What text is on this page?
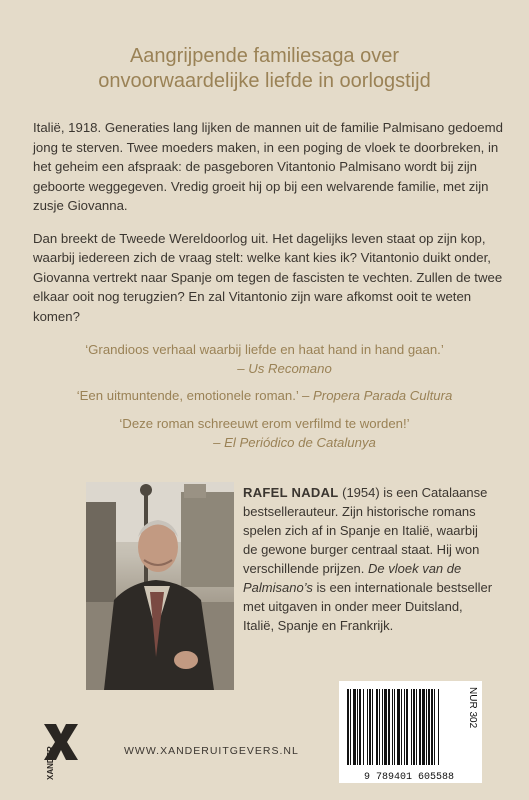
Aangrijpende familiesaga over
onvoorwaardelijke liefde in oorlogstijd

Italië, 1918. Generaties lang lijken de mannen uit de familie Palmisano gedoemd jong te sterven. Twee moeders maken, in een poging de vloek te doorbreken, in het geheim een afspraak: de pasgeboren Vitantonio Palmisano wordt bij zijn geboorte weggegeven. Vredig groeit hij op bij een welvarende familie, met zijn zusje Giovanna.

Dan breekt de Tweede Wereldoorlog uit. Het dagelijks leven staat op zijn kop, waarbij iedereen zich de vraag stelt: welke kant kies ik? Vitantonio duikt onder, Giovanna vertrekt naar Spanje om tegen de fascisten te vechten. Zullen de twee elkaar ooit nog terugzien? En zal Vitantonio zijn ware afkomst ooit te weten komen?

‘Grandioos verhaal waarbij liefde en haat hand in hand gaan.’
– Us Recomano
‘Een uitmuntende, emotionele roman.’ – Propera Parada Cultura
‘Deze roman schreeuwt erom verfilmd te worden!’
– El Periódico de Catalunya
RAFEL NADAL (1954) is een Catalaanse bestsellerauteur. Zijn historische romans spelen zich af in Spanje en Italië, waarbij de gewone burger centraal staat. Hij won verschillende prijzen. De vloek van de Palmisano’s is een internationale bestseller met uitgaven in onder meer Duitsland, Italië, Spanje en Frankrijk.
XANDER	WWW.XANDERUITGEVERS.NL
9 789401 605588
NUR 302
